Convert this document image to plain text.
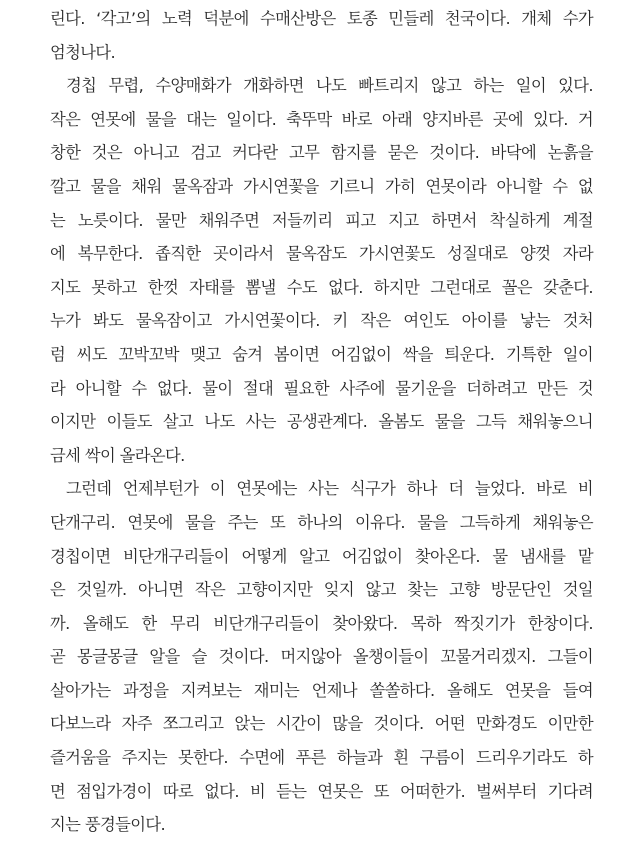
린다. ‘각고’의 노력 덕분에 수매산방은 토종 민들레 천국이다. 개체 수가
엄청나다.
경칩 무렵, 수양매화가 개화하면 나도 빠트리지 않고 하는 일이 있다.
작은 연못에 물을 대는 일이다. 축뚜막 바로 아래 양지바른 곳에 있다. 거
창한 것은 아니고 검고 커다란 고무 함지를 묻은 것이다. 바닥에 논흙을
깔고 물을 채워 물옥잠과 가시연꽃을 기르니 가히 연못이라 아니할 수 없
는 노릇이다. 물만 채워주면 저들끼리 피고 지고 하면서 착실하게 계절
에 복무한다. 좁직한 곳이라서 물옥잠도 가시연꽃도 성질대로 양껏 자라
지도 못하고 한껏 자태를 뽐낼 수도 없다. 하지만 그런대로 꼴은 갖춘다.
누가 봐도 물옥잠이고 가시연꽃이다. 키 작은 여인도 아이를 낳는 것처
럼 씨도 꼬박꼬박 맺고 숨겨 봄이면 어김없이 싹을 틔운다. 기특한 일이
라 아니할 수 없다. 물이 절대 필요한 사주에 물기운을 더하려고 만든 것
이지만 이들도 살고 나도 사는 공생관계다. 올봄도 물을 그득 채워놓으니
금세 싹이 올라온다.
그런데 언제부턴가 이 연못에는 사는 식구가 하나 더 늘었다. 바로 비
단개구리. 연못에 물을 주는 또 하나의 이유다. 물을 그득하게 채워놓은
경칩이면 비단개구리들이 어떻게 알고 어김없이 찾아온다. 물 냄새를 맡
은 것일까. 아니면 작은 고향이지만 잊지 않고 찾는 고향 방문단인 것일
까. 올해도 한 무리 비단개구리들이 찾아왔다. 목하 짝짓기가 한창이다.
곧 몽글몽글 알을 슬 것이다. 머지않아 올챙이들이 꼬물거리겠지. 그들이
살아가는 과정을 지켜보는 재미는 언제나 쏠쏠하다. 올해도 연못을 들여
다보느라 자주 쪼그리고 앉는 시간이 많을 것이다. 어떤 만화경도 이만한
즐거움을 주지는 못한다. 수면에 푸른 하늘과 흰 구름이 드리우기라도 하
면 점입가경이 따로 없다. 비 듣는 연못은 또 어떠한가. 벌써부터 기다려
지는 풍경들이다.
